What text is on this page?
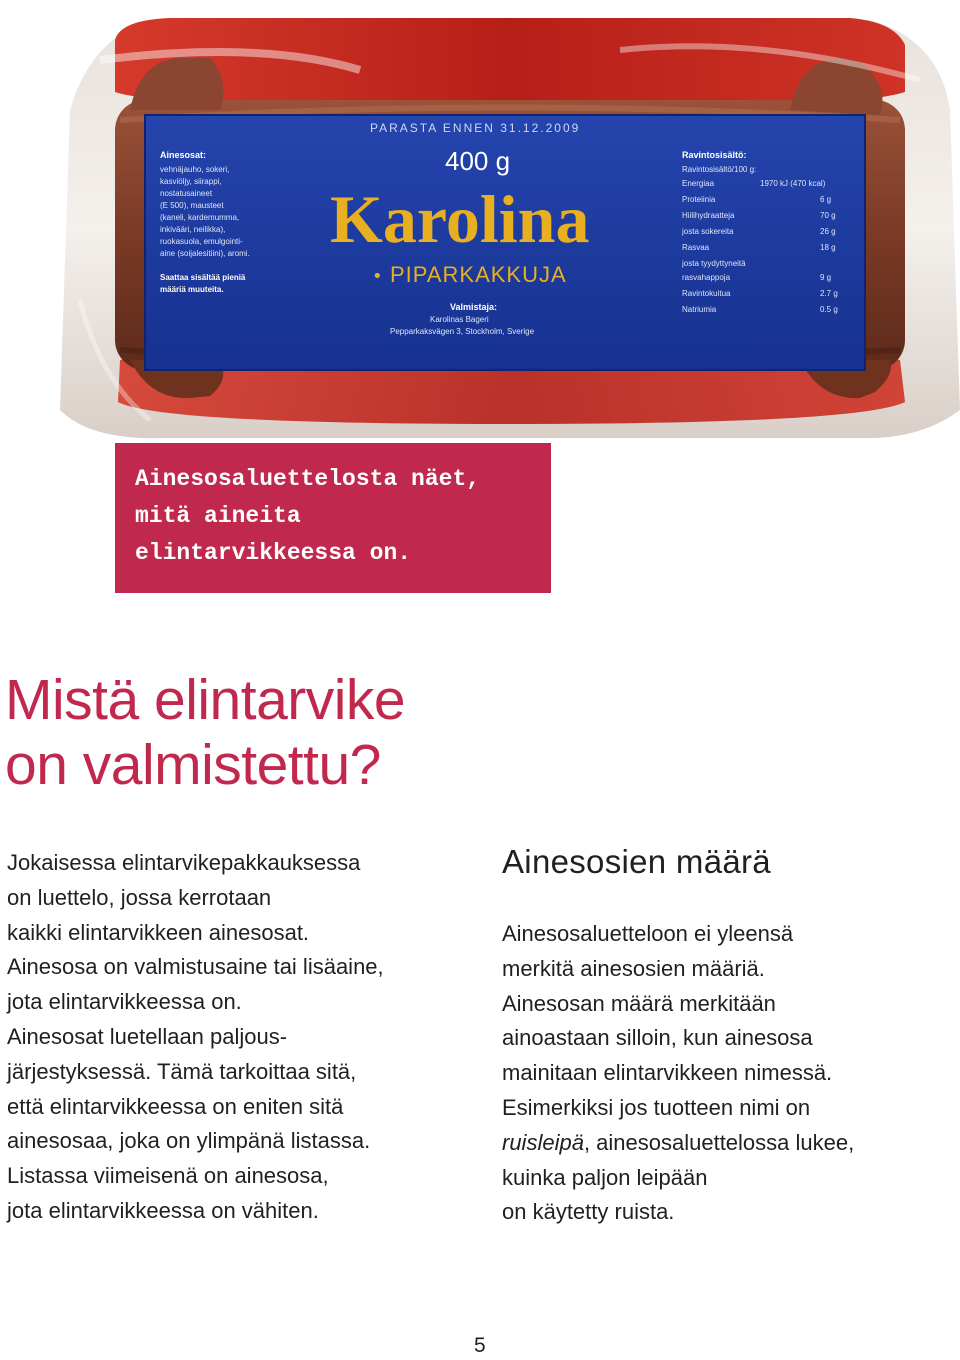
PARASTA ENNEN 31.12.2009
400 g
Karolina
PIPARKAKKUJA
•
Valmistaja:
Karolinas Bageri
Pepparkaksvägen 3, Stockholm, Sverige
Ainesosat:
vehnäjauho, sokeri,
kasviöljy, siirappi,
nostatusaineet
(E 500), mausteet
(kaneli, kardemumma,
inkivääri, neilikka),
ruokasuola, emulgointi-
aine (soijalesitiini), aromi.
Saattaa sisältää pieniä
määriä muuteita.
Ravintosisältö:
Ravintosisältö/100 g:
Energiaa	1970 kJ (470 kcal)
Proteiinia	6 g
Hiilihydraatteja	70 g
josta sokereita	26 g
Rasvaa	18 g
josta tyydyttyneitä
rasvahappoja	9 g
Ravintokuitua	2.7 g
Natriumia	0.5 g

Ainesosaluettelosta näet,
mitä aineita
elintarvikkeessa on.

Mistä elintarvike
on valmistettu?

Jokaisessa elintarvikepakkauksessa
on luettelo, jossa kerrotaan
kaikki elintarvikkeen ainesosat.
Ainesosa on valmistusaine tai lisäaine,
jota elintarvikkeessa on.
Ainesosat luetellaan paljous-
järjestyksessä. Tämä tarkoittaa sitä,
että elintarvikkeessa on eniten sitä
ainesosaa, joka on ylimpänä listassa.
Listassa viimeisenä on ainesosa,
jota elintarvikkeessa on vähiten.

Ainesosien määrä

Ainesosaluetteloon ei yleensä
merkitä ainesosien määriä.
Ainesosan määrä merkitään
ainoastaan silloin, kun ainesosa
mainitaan elintarvikkeen nimessä.
Esimerkiksi jos tuotteen nimi on
ruisleipä, ainesosaluettelossa lukee,
kuinka paljon leipään
on käytetty ruista.

5
